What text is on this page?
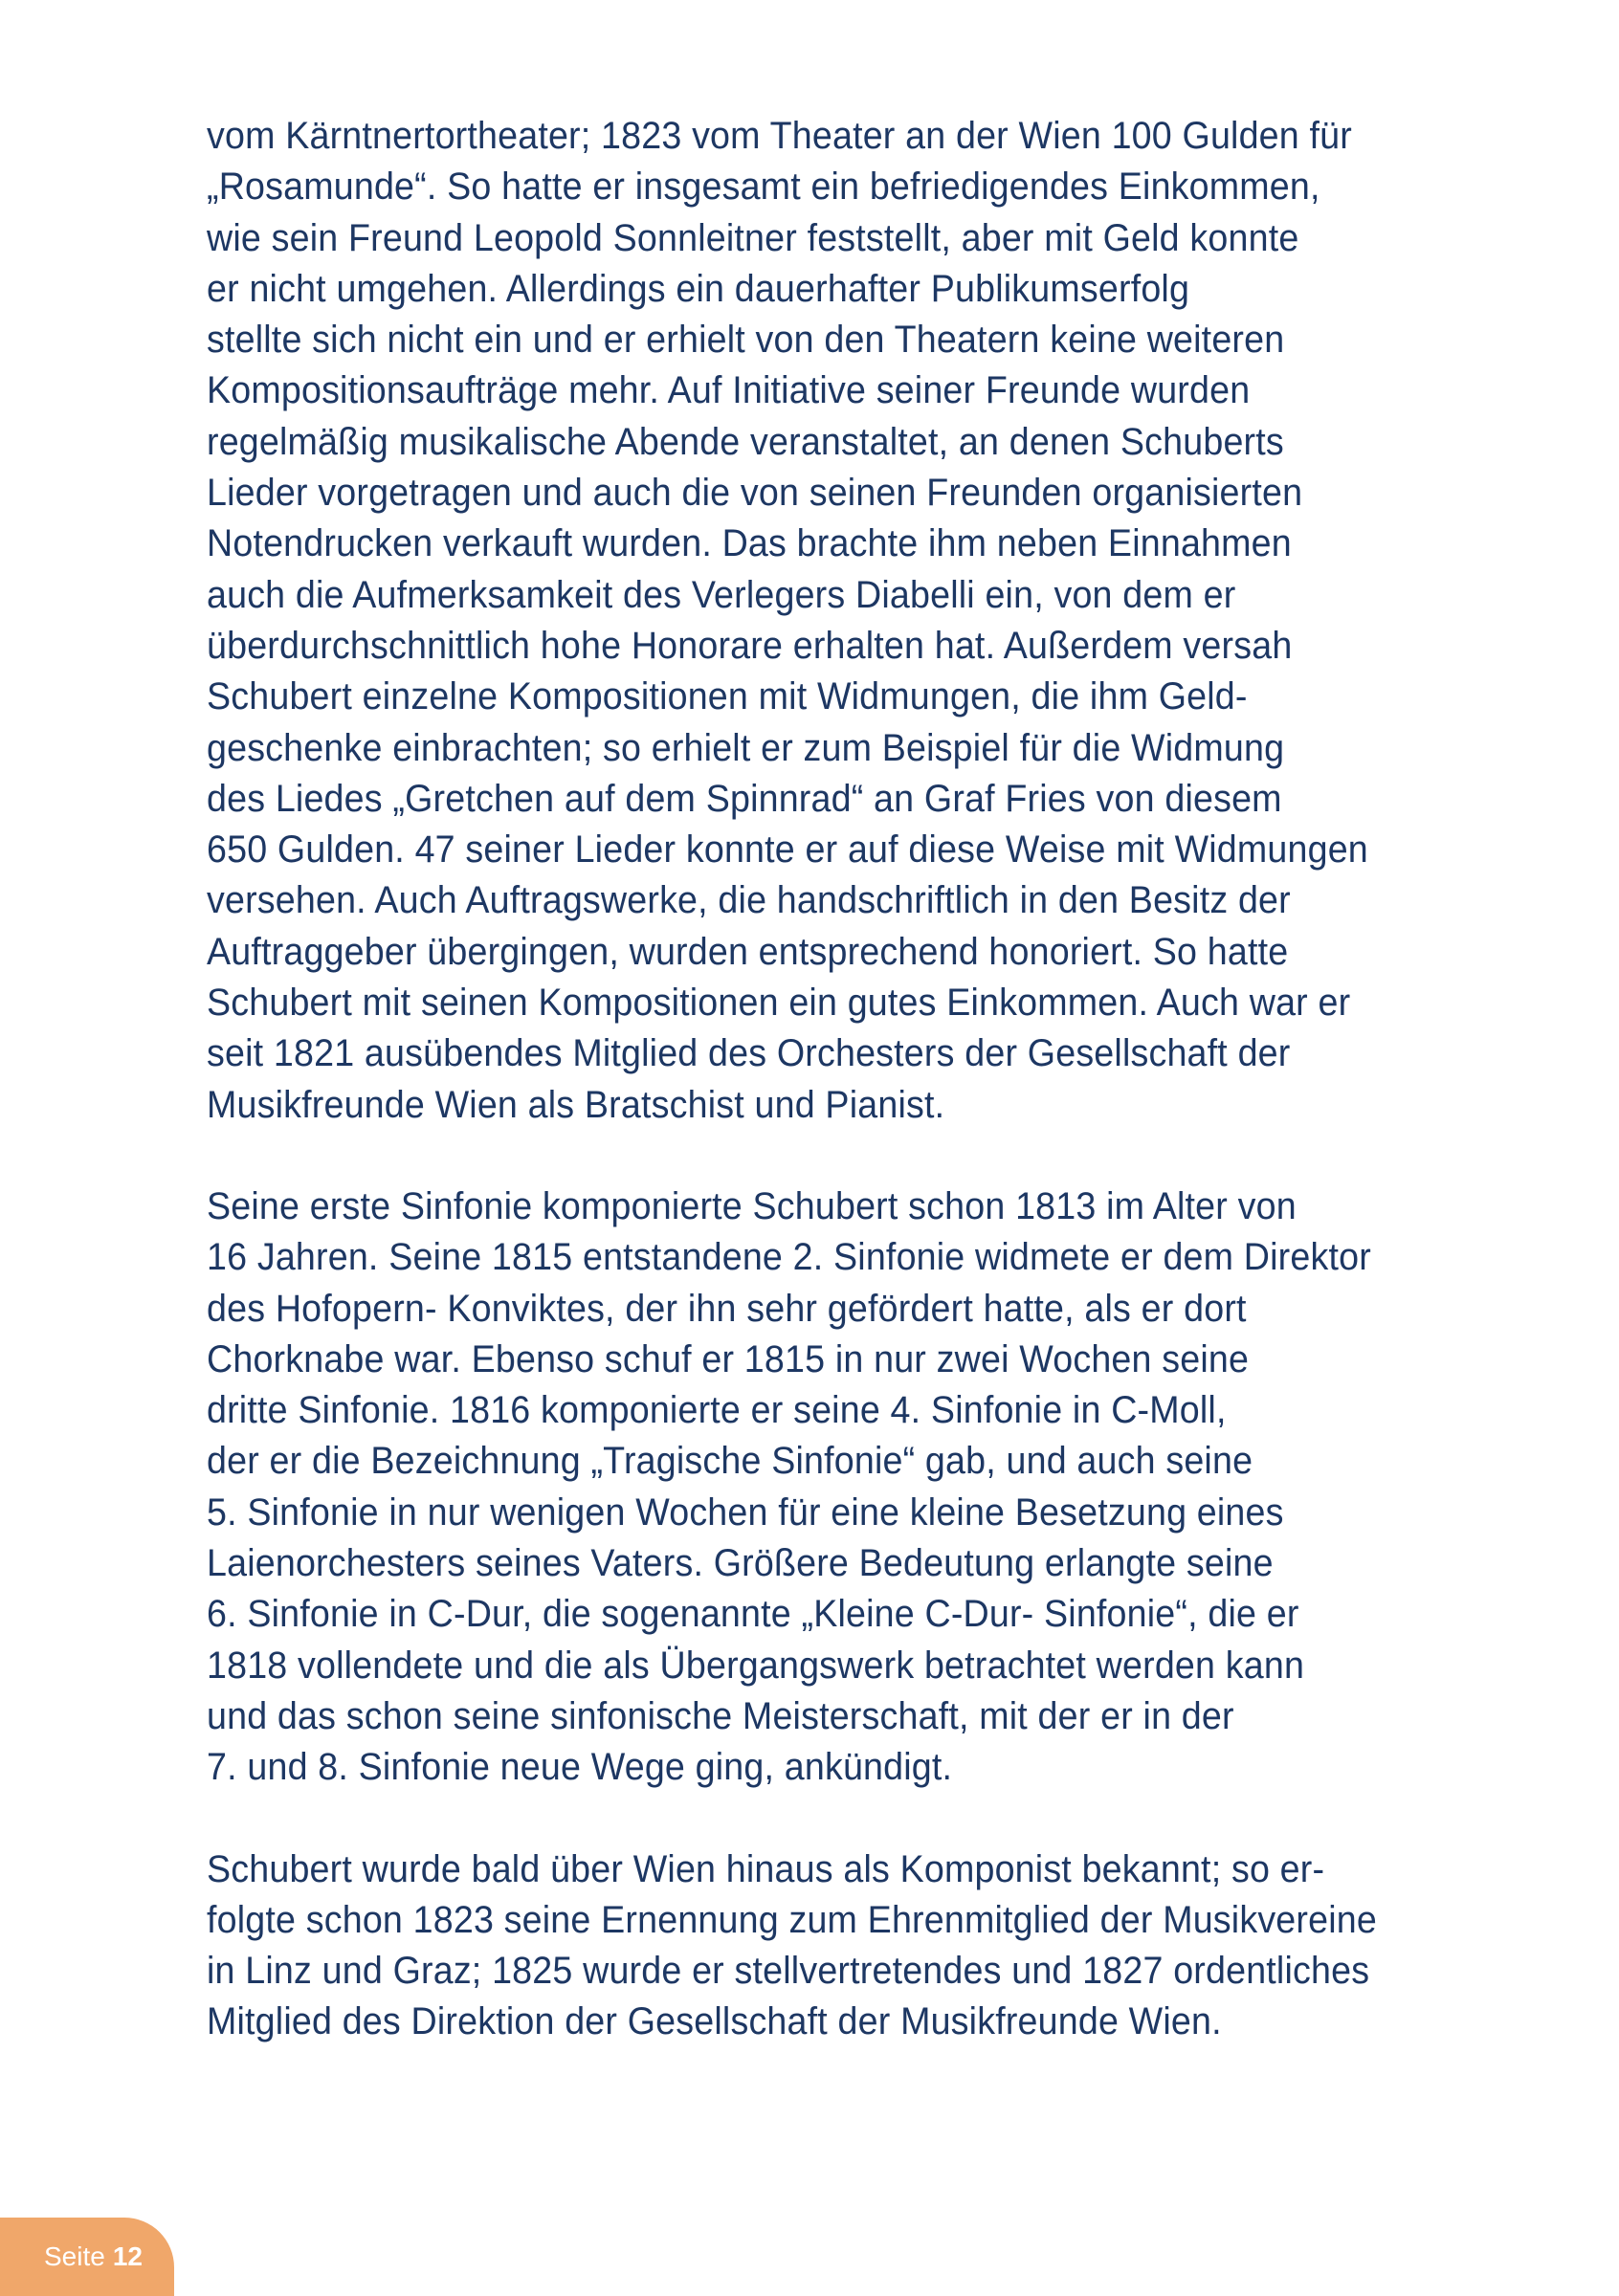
vom Kärntnertortheater; 1823 vom Theater an der Wien 100 Gulden für
„Rosamunde“. So hatte er insgesamt ein befriedigendes Einkommen,
wie sein Freund Leopold Sonnleitner feststellt, aber mit Geld konnte
er nicht umgehen. Allerdings ein dauerhafter Publikumserfolg
stellte sich nicht ein und er erhielt von den Theatern keine weiteren
Kompositionsaufträge mehr. Auf Initiative seiner Freunde wurden
regelmäßig musikalische Abende veranstaltet, an denen Schuberts
Lieder vorgetragen und auch die von seinen Freunden organisierten
Notendrucken verkauft wurden. Das brachte ihm neben Einnahmen
auch die Aufmerksamkeit des Verlegers Diabelli ein, von dem er
überdurchschnittlich hohe Honorare erhalten hat. Außerdem versah
Schubert einzelne Kompositionen mit Widmungen, die ihm Geld-
geschenke einbrachten; so erhielt er zum Beispiel für die Widmung
des Liedes „Gretchen auf dem Spinnrad“ an Graf Fries von diesem
650 Gulden. 47 seiner Lieder konnte er auf diese Weise mit Widmungen
versehen. Auch Auftragswerke, die handschriftlich in den Besitz der
Auftraggeber übergingen, wurden entsprechend honoriert. So hatte
Schubert mit seinen Kompositionen ein gutes Einkommen. Auch war er
seit 1821 ausübendes Mitglied des Orchesters der Gesellschaft der
Musikfreunde Wien als Bratschist und Pianist.

Seine erste Sinfonie komponierte Schubert schon 1813 im Alter von
16 Jahren. Seine 1815 entstandene 2. Sinfonie widmete er dem Direktor
des Hofopern- Konviktes, der ihn sehr gefördert hatte, als er dort
Chorknabe war. Ebenso schuf er 1815 in nur zwei Wochen seine
dritte Sinfonie. 1816 komponierte er seine 4. Sinfonie in C-Moll,
der er die Bezeichnung „Tragische Sinfonie“ gab, und auch seine
5. Sinfonie in nur wenigen Wochen für eine kleine Besetzung eines
Laienorchesters seines Vaters. Größere Bedeutung erlangte seine
6. Sinfonie in C-Dur, die sogenannte „Kleine C-Dur- Sinfonie“, die er
1818 vollendete und die als Übergangswerk betrachtet werden kann
und das schon seine sinfonische Meisterschaft, mit der er in der
7. und 8. Sinfonie neue Wege ging, ankündigt.

Schubert wurde bald über Wien hinaus als Komponist bekannt; so er-
folgte schon 1823 seine Ernennung zum Ehrenmitglied der Musikvereine
in Linz und Graz; 1825 wurde er stellvertretendes und 1827 ordentliches
Mitglied des Direktion der Gesellschaft der Musikfreunde Wien.

Seite 12
